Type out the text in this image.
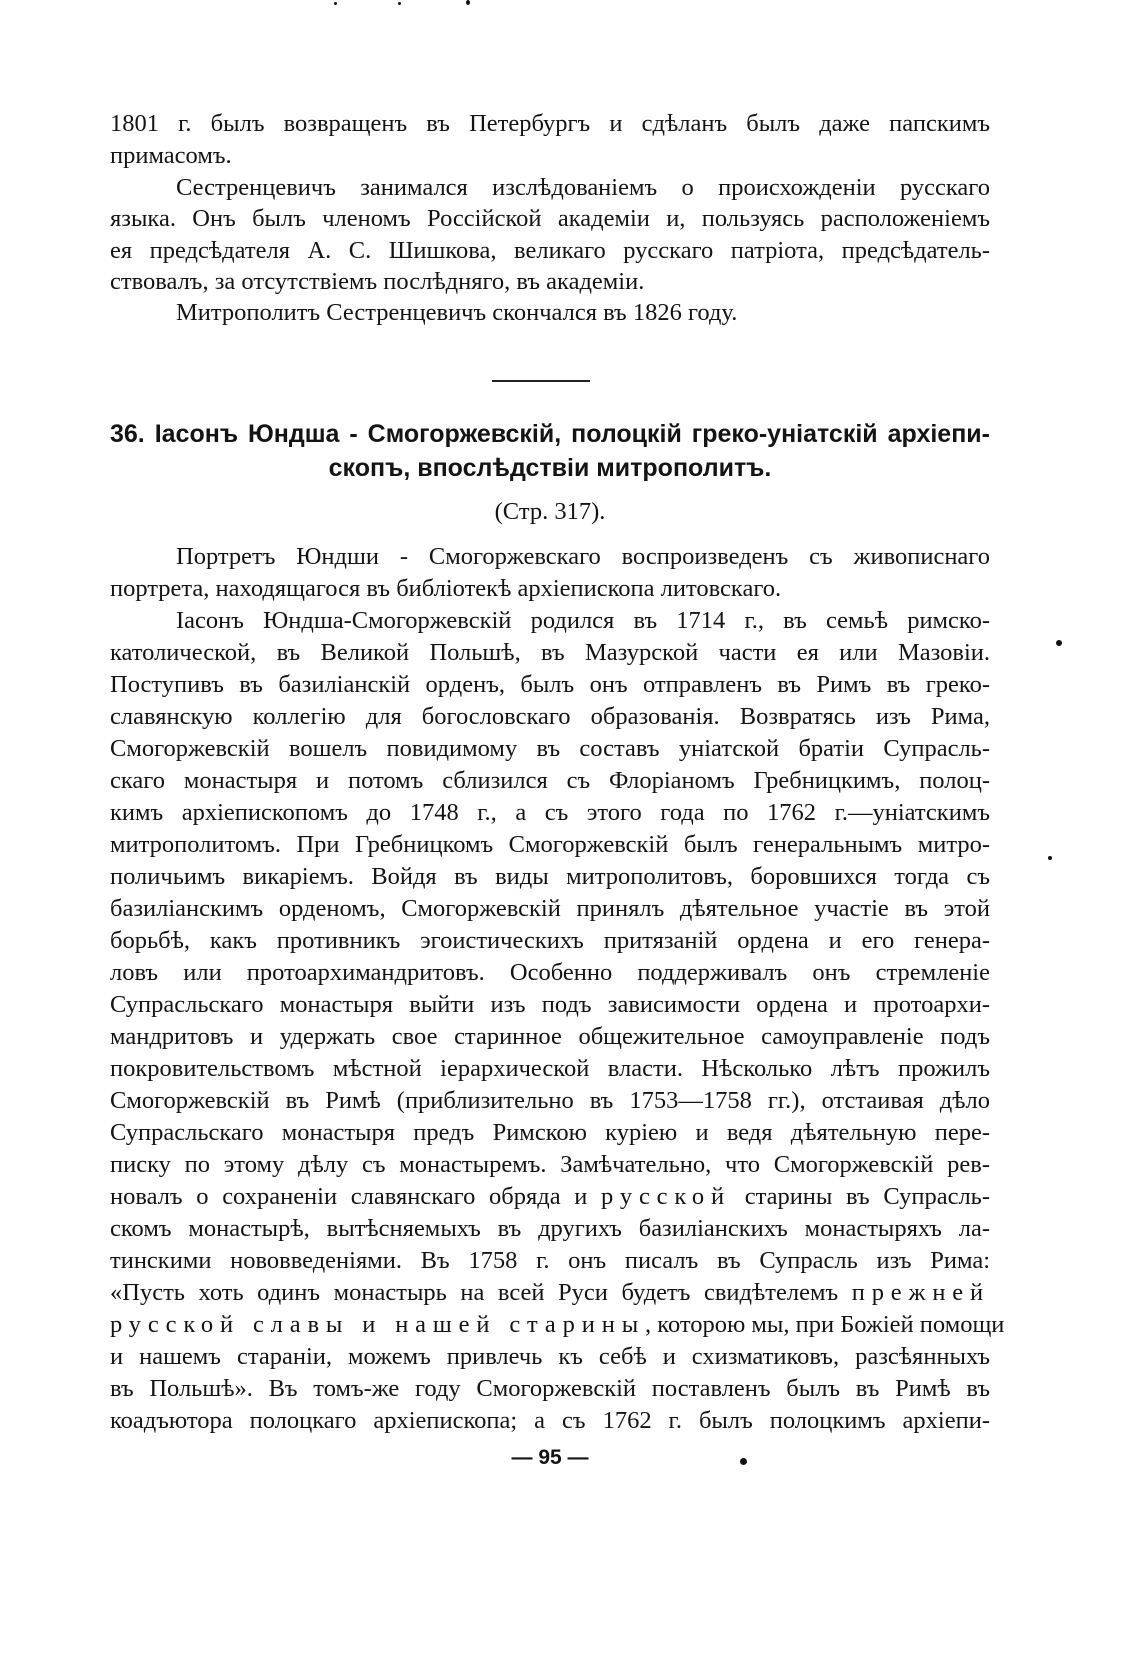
1801 г. былъ возвращенъ въ Петербургъ и сдѣланъ былъ даже папскимъ
примасомъ.
Сестренцевичъ занимался изслѣдованіемъ о происхожденіи русскаго
языка. Онъ былъ членомъ Россійской академіи и, пользуясь расположеніемъ
ея предсѣдателя А. С. Шишкова, великаго русскаго патріота, предсѣдатель-
ствовалъ, за отсутствіемъ послѣдняго, въ академіи.
Митрополитъ Сестренцевичъ скончался въ 1826 году.
36. Іасонъ Юндша - Смогоржевскій, полоцкій греко-уніатскій архіепи-
скопъ, впослѣдствіи митрополитъ.
(Стр. 317).
Портретъ Юндши - Смогоржевскаго воспроизведенъ съ живописнаго
портрета, находящагося въ библіотекѣ архіепископа литовскаго.
Іасонъ Юндша-Смогоржевскій родился въ 1714 г., въ семьѣ римско-
католической, въ Великой Польшѣ, въ Мазурской части ея или Мазовіи.
Поступивъ въ базиліанскій орденъ, былъ онъ отправленъ въ Римъ въ греко-
славянскую коллегію для богословскаго образованія. Возвратясь изъ Рима,
Смогоржевскій вошелъ повидимому въ составъ уніатской братіи Супрасль-
скаго монастыря и потомъ сблизился съ Флоріаномъ Гребницкимъ, полоц-
кимъ архіепископомъ до 1748 г., а съ этого года по 1762 г.—уніатскимъ
митрополитомъ. При Гребницкомъ Смогоржевскій былъ генеральнымъ митро-
поличьимъ викаріемъ. Войдя въ виды митрополитовъ, боровшихся тогда съ
базиліанскимъ орденомъ, Смогоржевскій принялъ дѣятельное участіе въ этой
борьбѣ, какъ противникъ эгоистическихъ притязаній ордена и его генера-
ловъ или протоархимандритовъ. Особенно поддерживалъ онъ стремленіе
Супрасльскаго монастыря выйти изъ подъ зависимости ордена и протоархи-
мандритовъ и удержать свое старинное общежительное самоуправленіе подъ
покровительствомъ мѣстной іерархической власти. Нѣсколько лѣтъ прожилъ
Смогоржевскій въ Римѣ (приблизительно въ 1753—1758 гг.), отстаивая дѣло
Супрасльскаго монастыря предъ Римскою куріею и ведя дѣятельную пере-
писку по этому дѣлу съ монастыремъ. Замѣчательно, что Смогоржевскій рев-
новалъ о сохраненіи славянскаго обряда и русской старины въ Супрасль-
скомъ монастырѣ, вытѣсняемыхъ въ другихъ базиліанскихъ монастыряхъ ла-
тинскими нововведеніями. Въ 1758 г. онъ писалъ въ Супрасль изъ Рима:
«Пусть хоть одинъ монастырь на всей Руси будетъ свидѣтелемъ прежней
русской славы и нашей старины, которою мы, при Божіей помощи
и нашемъ стараніи, можемъ привлечь къ себѣ и схизматиковъ, разсѣянныхъ
въ Польшѣ». Въ томъ-же году Смогоржевскій поставленъ былъ въ Римѣ въ
коадъютора полоцкаго архіепископа; а съ 1762 г. былъ полоцкимъ архіепи-
— 95 —
